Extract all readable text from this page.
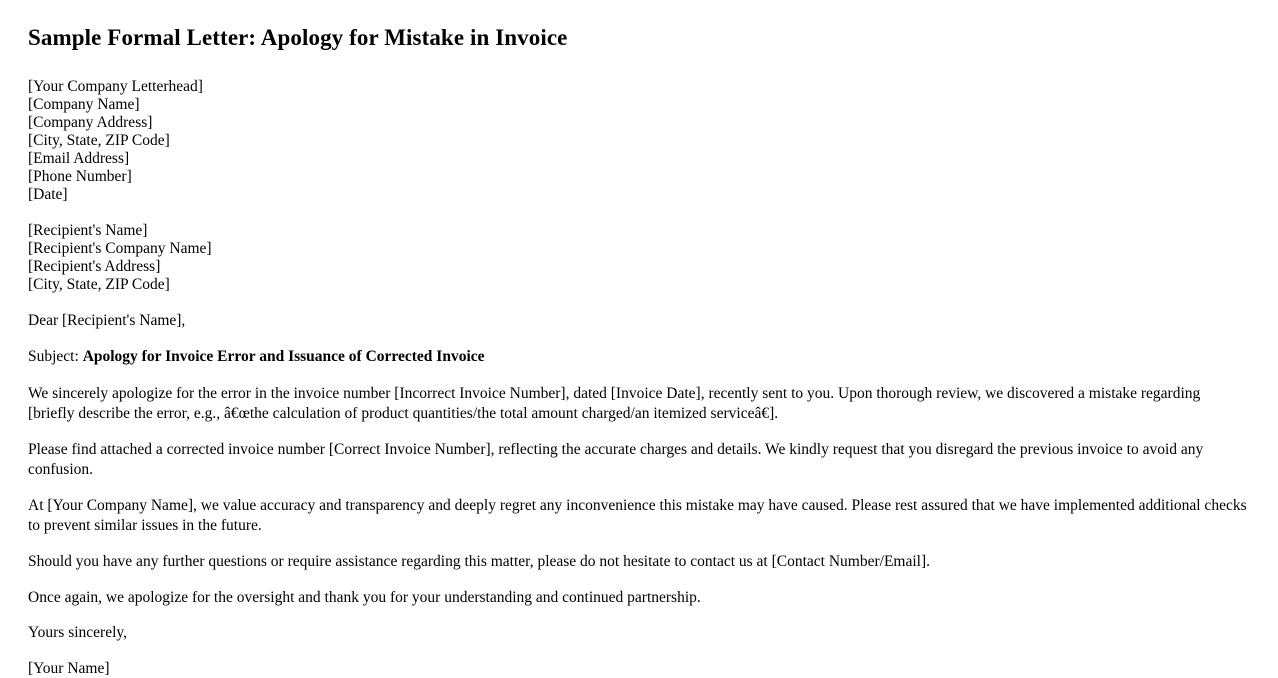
Sample Formal Letter: Apology for Mistake in Invoice
[Your Company Letterhead]
[Company Name]
[Company Address]
[City, State, ZIP Code]
[Email Address]
[Phone Number]
[Date]
[Recipient's Name]
[Recipient's Company Name]
[Recipient's Address]
[City, State, ZIP Code]
Dear [Recipient's Name],
Subject: Apology for Invoice Error and Issuance of Corrected Invoice

We sincerely apologize for the error in the invoice number [Incorrect Invoice Number], dated [Invoice Date], recently sent to you. Upon thorough review, we discovered a mistake regarding [briefly describe the error, e.g., â€œthe calculation of product quantities/the total amount charged/an itemized serviceâ€].

Please find attached a corrected invoice number [Correct Invoice Number], reflecting the accurate charges and details. We kindly request that you disregard the previous invoice to avoid any confusion.

At [Your Company Name], we value accuracy and transparency and deeply regret any inconvenience this mistake may have caused. Please rest assured that we have implemented additional checks to prevent similar issues in the future.

Should you have any further questions or require assistance regarding this matter, please do not hesitate to contact us at [Contact Number/Email].

Once again, we apologize for the oversight and thank you for your understanding and continued partnership.

Yours sincerely,
[Your Name]
